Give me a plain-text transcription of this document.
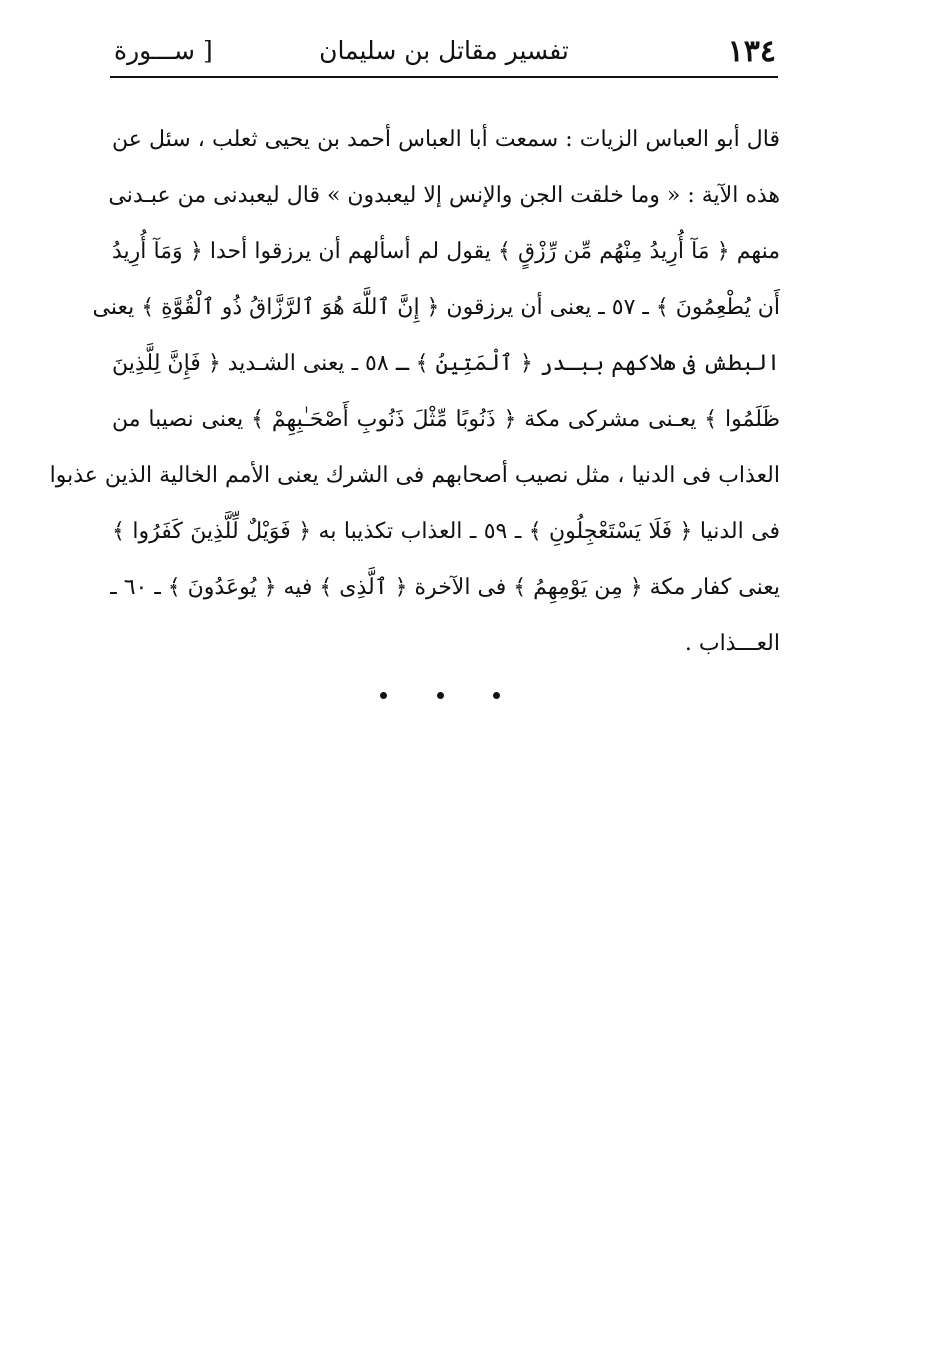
١٣٤
تفسير مقاتل بن سليمان
[ ســـورة
قال أبو العباس الزيات : سمعت أبا العباس أحمد بن يحيى ثعلب ، سئل عن
هذه الآية : « وما خلقت الجن والإنس إلا ليعبدون » قال ليعبدنى من عبـدنى
منهم ﴿ مَآ أُرِيدُ مِنْهُم مِّن رِّزْقٍ ﴾ يقول لم أسألهم أن يرزقوا أحدا ﴿ وَمَآ أُرِيدُ
أَن يُطْعِمُونَ ﴾ ـ ٥٧ ـ يعنى أن يرزقون ﴿ إِنَّ ٱللَّهَ هُوَ ٱلرَّزَّاقُ ذُو ٱلْقُوَّةِ ﴾ يعنى
البطش فى هلاكهم ببـدر ﴿ ٱلْمَتِينُ ﴾ ـ ٥٨ ـ يعنى الشـديد ﴿ فَإِنَّ لِلَّذِينَ
ظَلَمُوا ﴾ يعـنى مشركى مكة ﴿ ذَنُوبًا مِّثْلَ ذَنُوبِ أَصْحَـٰبِهِمْ ﴾ يعنى نصيبا من
العذاب فى الدنيا ، مثل نصيب أصحابهم فى الشرك يعنى الأمم الخالية الذين عذبوا
فى الدنيا ﴿ فَلَا يَسْتَعْجِلُونِ ﴾ ـ ٥٩ ـ العذاب تكذيبا به ﴿ فَوَيْلٌ لِّلَّذِينَ كَفَرُوا ﴾
يعنى كفار مكة ﴿ مِن يَوْمِهِمُ ﴾ فى الآخرة ﴿ ٱلَّذِى ﴾ فيه ﴿ يُوعَدُونَ ﴾ ـ ٦٠ ـ
العـــذاب .
